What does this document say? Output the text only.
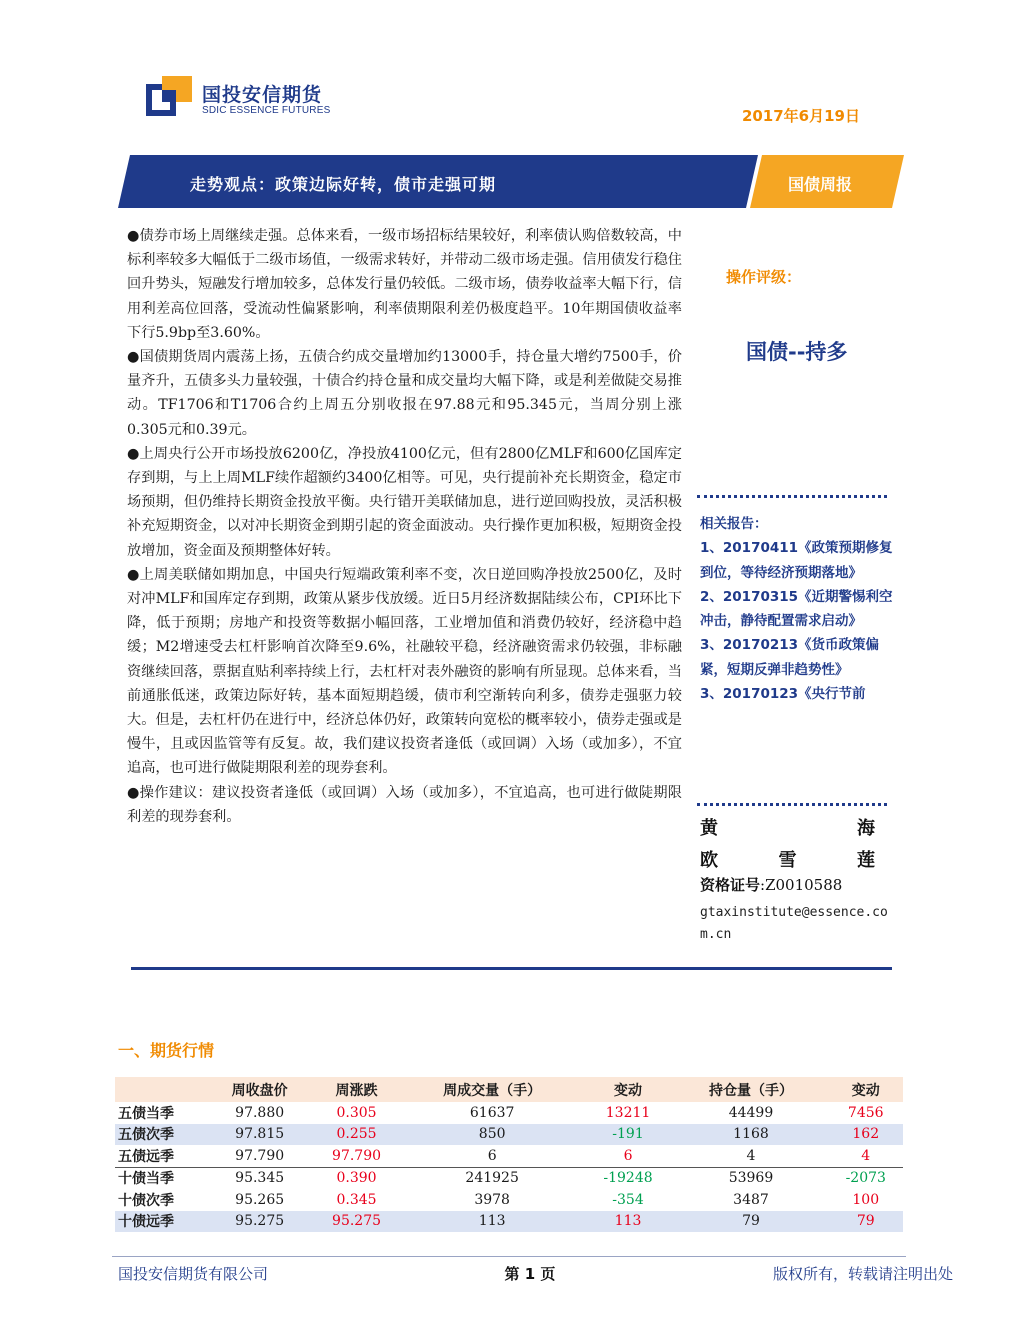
国投安信期货
SDIC ESSENCE FUTURES	2017年6月19日
走势观点：政策边际好转，债市走强可期	国债周报

●债券市场上周继续走强。总体来看，一级市场招标结果较好，利率债认购倍数较高，中标利率较多大幅低于二级市场值，一级需求转好，并带动二级市场走强。信用债发行稳住回升势头，短融发行增加较多，总体发行量仍较低。二级市场，债券收益率大幅下行，信用利差高位回落，受流动性偏紧影响，利率债期限利差仍极度趋平。10年期国债收益率下行5.9bp至3.60%。

●国债期货周内震荡上扬，五债合约成交量增加约13000手，持仓量大增约7500手，价量齐升，五债多头力量较强，十债合约持仓量和成交量均大幅下降，或是利差做陡交易推动。TF1706和T1706合约上周五分别收报在97.88元和95.345元，当周分别上涨0.305元和0.39元。

●上周央行公开市场投放6200亿，净投放4100亿元，但有2800亿MLF和600亿国库定存到期，与上上周MLF续作超额约3400亿相等。可见，央行提前补充长期资金，稳定市场预期，但仍维持长期资金投放平衡。央行错开美联储加息，进行逆回购投放，灵活积极补充短期资金，以对冲长期资金到期引起的资金面波动。央行操作更加积极，短期资金投放增加，资金面及预期整体好转。

●上周美联储如期加息，中国央行短端政策利率不变，次日逆回购净投放2500亿，及时对冲MLF和国库定存到期，政策从紧步伐放缓。近日5月经济数据陆续公布，CPI环比下降，低于预期；房地产和投资等数据小幅回落，工业增加值和消费仍较好，经济稳中趋缓；M2增速受去杠杆影响首次降至9.6%，社融较平稳，经济融资需求仍较强，非标融资继续回落，票据直贴利率持续上行，去杠杆对表外融资的影响有所显现。总体来看，当前通胀低迷，政策边际好转，基本面短期趋缓，债市利空渐转向利多，债券走强驱力较大。但是，去杠杆仍在进行中，经济总体仍好，政策转向宽松的概率较小，债券走强或是慢牛，且或因监管等有反复。故，我们建议投资者逢低（或回调）入场（或加多），不宜追高，也可进行做陡期限利差的现券套利。

●操作建议：建议投资者逢低（或回调）入场（或加多），不宜追高，也可进行做陡期限利差的现券套利。

操作评级：
国债--持多
相关报告：
1、20170411《政策预期修复到位，等待经济预期落地》
2、20170315《近期警惕利空冲击，静待配置需求启动》
3、20170213《货币政策偏紧，短期反弹非趋势性》
3、20170123《央行节前
黄	海
欧	雪	莲
资格证号:Z0010588
gtaxinstitute@essence.com.cn
一、期货行情
	周收盘价	周涨跌	周成交量（手）	变动	持仓量（手）	变动
五债当季	97.880	0.305	61637	13211	44499	7456
五债次季	97.815	0.255	850	-191	1168	162
五债远季	97.790	97.790	6	6	4	4
十债当季	95.345	0.390	241925	-19248	53969	-2073
十债次季	95.265	0.345	3978	-354	3487	100
十债远季	95.275	95.275	113	113	79	79
国投安信期货有限公司	第 1 页	版权所有，转载请注明出处
